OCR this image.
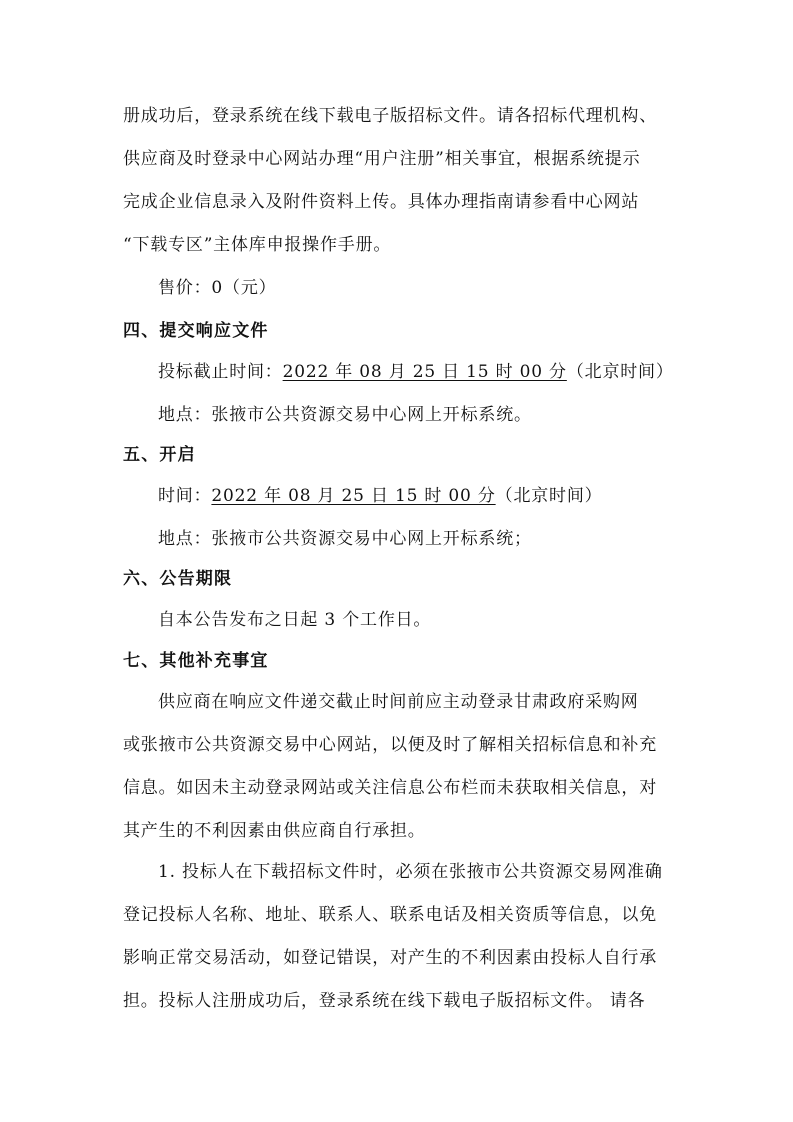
册成功后，登录系统在线下载电子版招标文件。请各招标代理机构、
供应商及时登录中心网站办理“用户注册”相关事宜，根据系统提示
完成企业信息录入及附件资料上传。具体办理指南请参看中心网站
“下载专区”主体库申报操作手册。
售价：0（元）
四、提交响应文件
投标截止时间：2022 年 08 月 25 日 15 时 00 分（北京时间）
地点：张掖市公共资源交易中心网上开标系统。
五、开启
时间：2022 年 08 月 25 日 15 时 00 分（北京时间）
地点：张掖市公共资源交易中心网上开标系统；
六、公告期限
自本公告发布之日起 3 个工作日。
七、其他补充事宜
供应商在响应文件递交截止时间前应主动登录甘肃政府采购网
或张掖市公共资源交易中心网站，以便及时了解相关招标信息和补充
信息。如因未主动登录网站或关注信息公布栏而未获取相关信息，对
其产生的不利因素由供应商自行承担。
1. 投标人在下载招标文件时，必须在张掖市公共资源交易网准确
登记投标人名称、地址、联系人、联系电话及相关资质等信息，以免
影响正常交易活动，如登记错误，对产生的不利因素由投标人自行承
担。投标人注册成功后，登录系统在线下载电子版招标文件。 请各
